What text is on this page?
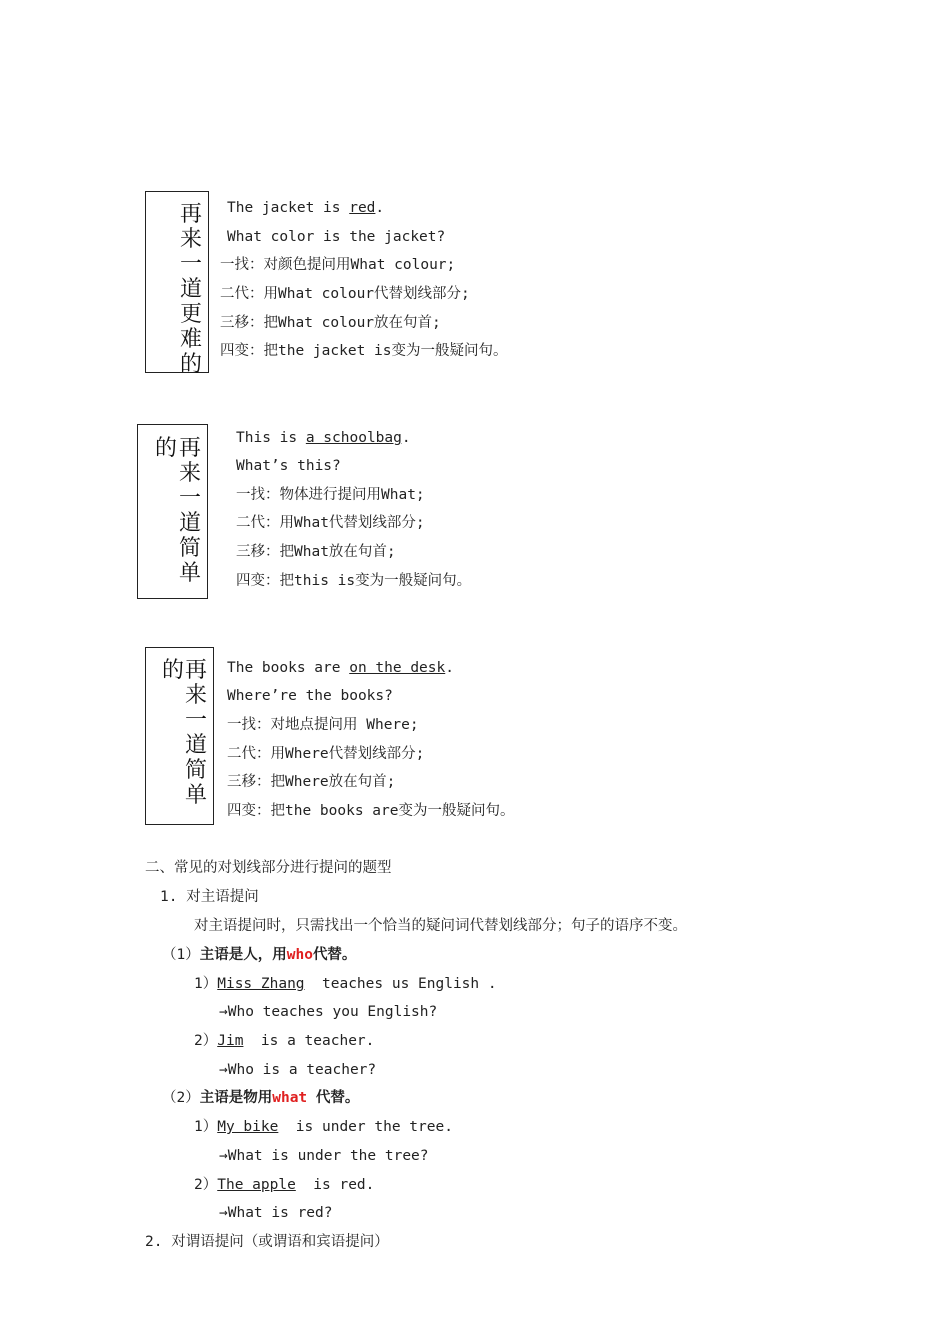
再
来
一
道
更
难
的
The jacket is red.
What color is the jacket?
一找：对颜色提问用What colour;
二代：用What colour代替划线部分;
三移：把What colour放在句首;
四变：把the jacket is变为一般疑问句。
的 再
来
一
道
简
单
This is a schoolbag.
What’s this?
一找：物体进行提问用What;
二代：用What代替划线部分;
三移：把What放在句首;
四变：把this is变为一般疑问句。
的 再
来
一
道
简
单
The books are on the desk.
Where’re the books?
一找：对地点提问用 Where;
二代：用Where代替划线部分;
三移：把Where放在句首;
四变：把the books are变为一般疑问句。
二、常见的对划线部分进行提问的题型
1. 对主语提问
对主语提问时，只需找出一个恰当的疑问词代替划线部分；句子的语序不变。
（1）主语是人，用who代替。
1）Miss Zhang  teaches us English .
→Who teaches you English?
2）Jim  is a teacher.
→Who is a teacher?
（2）主语是物用what 代替。
1）My bike  is under the tree.
→What is under the tree?
2）The apple  is red.
→What is red?
2. 对谓语提问（或谓语和宾语提问）
